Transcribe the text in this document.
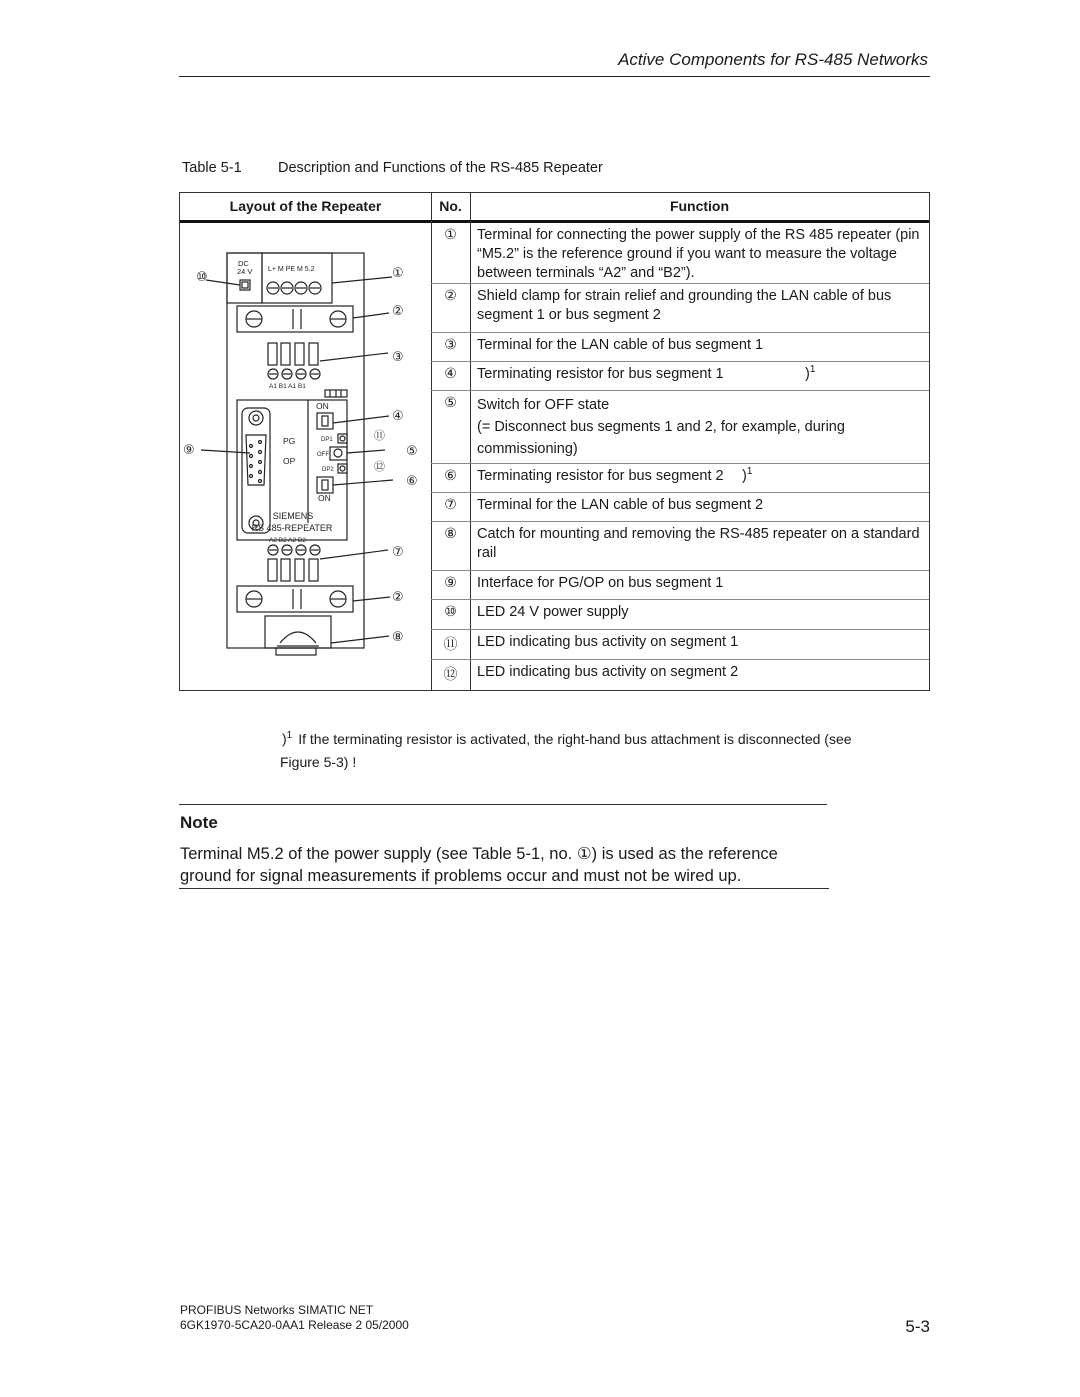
Active Components for RS-485 Networks
Table 5-1	Description and Functions of the RS-485 Repeater
Layout of the Repeater	No.	Function
DC
24 V L+ M PE M 5.2
A1 B1 A1 B1
ON
ON
PG
OP
DP1
OFF
DP2
SIEMENS
RS 485-REPEATER
A2 B2 A2 B2
⑩	①
②
③
④
⑪
⑤
⑨
⑫
⑥
⑦
②
⑧
①	Terminal for connecting the power supply of the RS 485 repeater (pin “M5.2” is the reference ground if you want to measure the voltage between terminals “A2” and “B2”).
②	Shield clamp for strain relief and grounding the LAN cable of bus segment 1 or bus segment 2
③	Terminal for the LAN cable of bus segment 1
④	Terminating resistor for bus segment 1	)$^1$
⑤	Switch for OFF state
(= Disconnect bus segments 1 and 2, for example, during commissioning)
⑥	Terminating resistor for bus segment 2	)$^1$
⑦	Terminal for the LAN cable of bus segment 2
⑧	Catch for mounting and removing the RS-485 repeater on a standard rail
⑨	Interface for PG/OP on bus segment 1
⑩	LED 24 V power supply
⑪	LED indicating bus activity on segment 1
⑫	LED indicating bus activity on segment 2
)$^1$ If the terminating resistor is activated, the right-hand bus attachment is disconnected (see
Figure 5-3) !
Note
Terminal M5.2 of the power supply (see Table 5-1, no. ①) is used as the reference ground for signal measurements if problems occur and must not be wired up.
PROFIBUS Networks SIMATIC NET
6GK1970-5CA20-0AA1 Release 2 05/2000	5-3
